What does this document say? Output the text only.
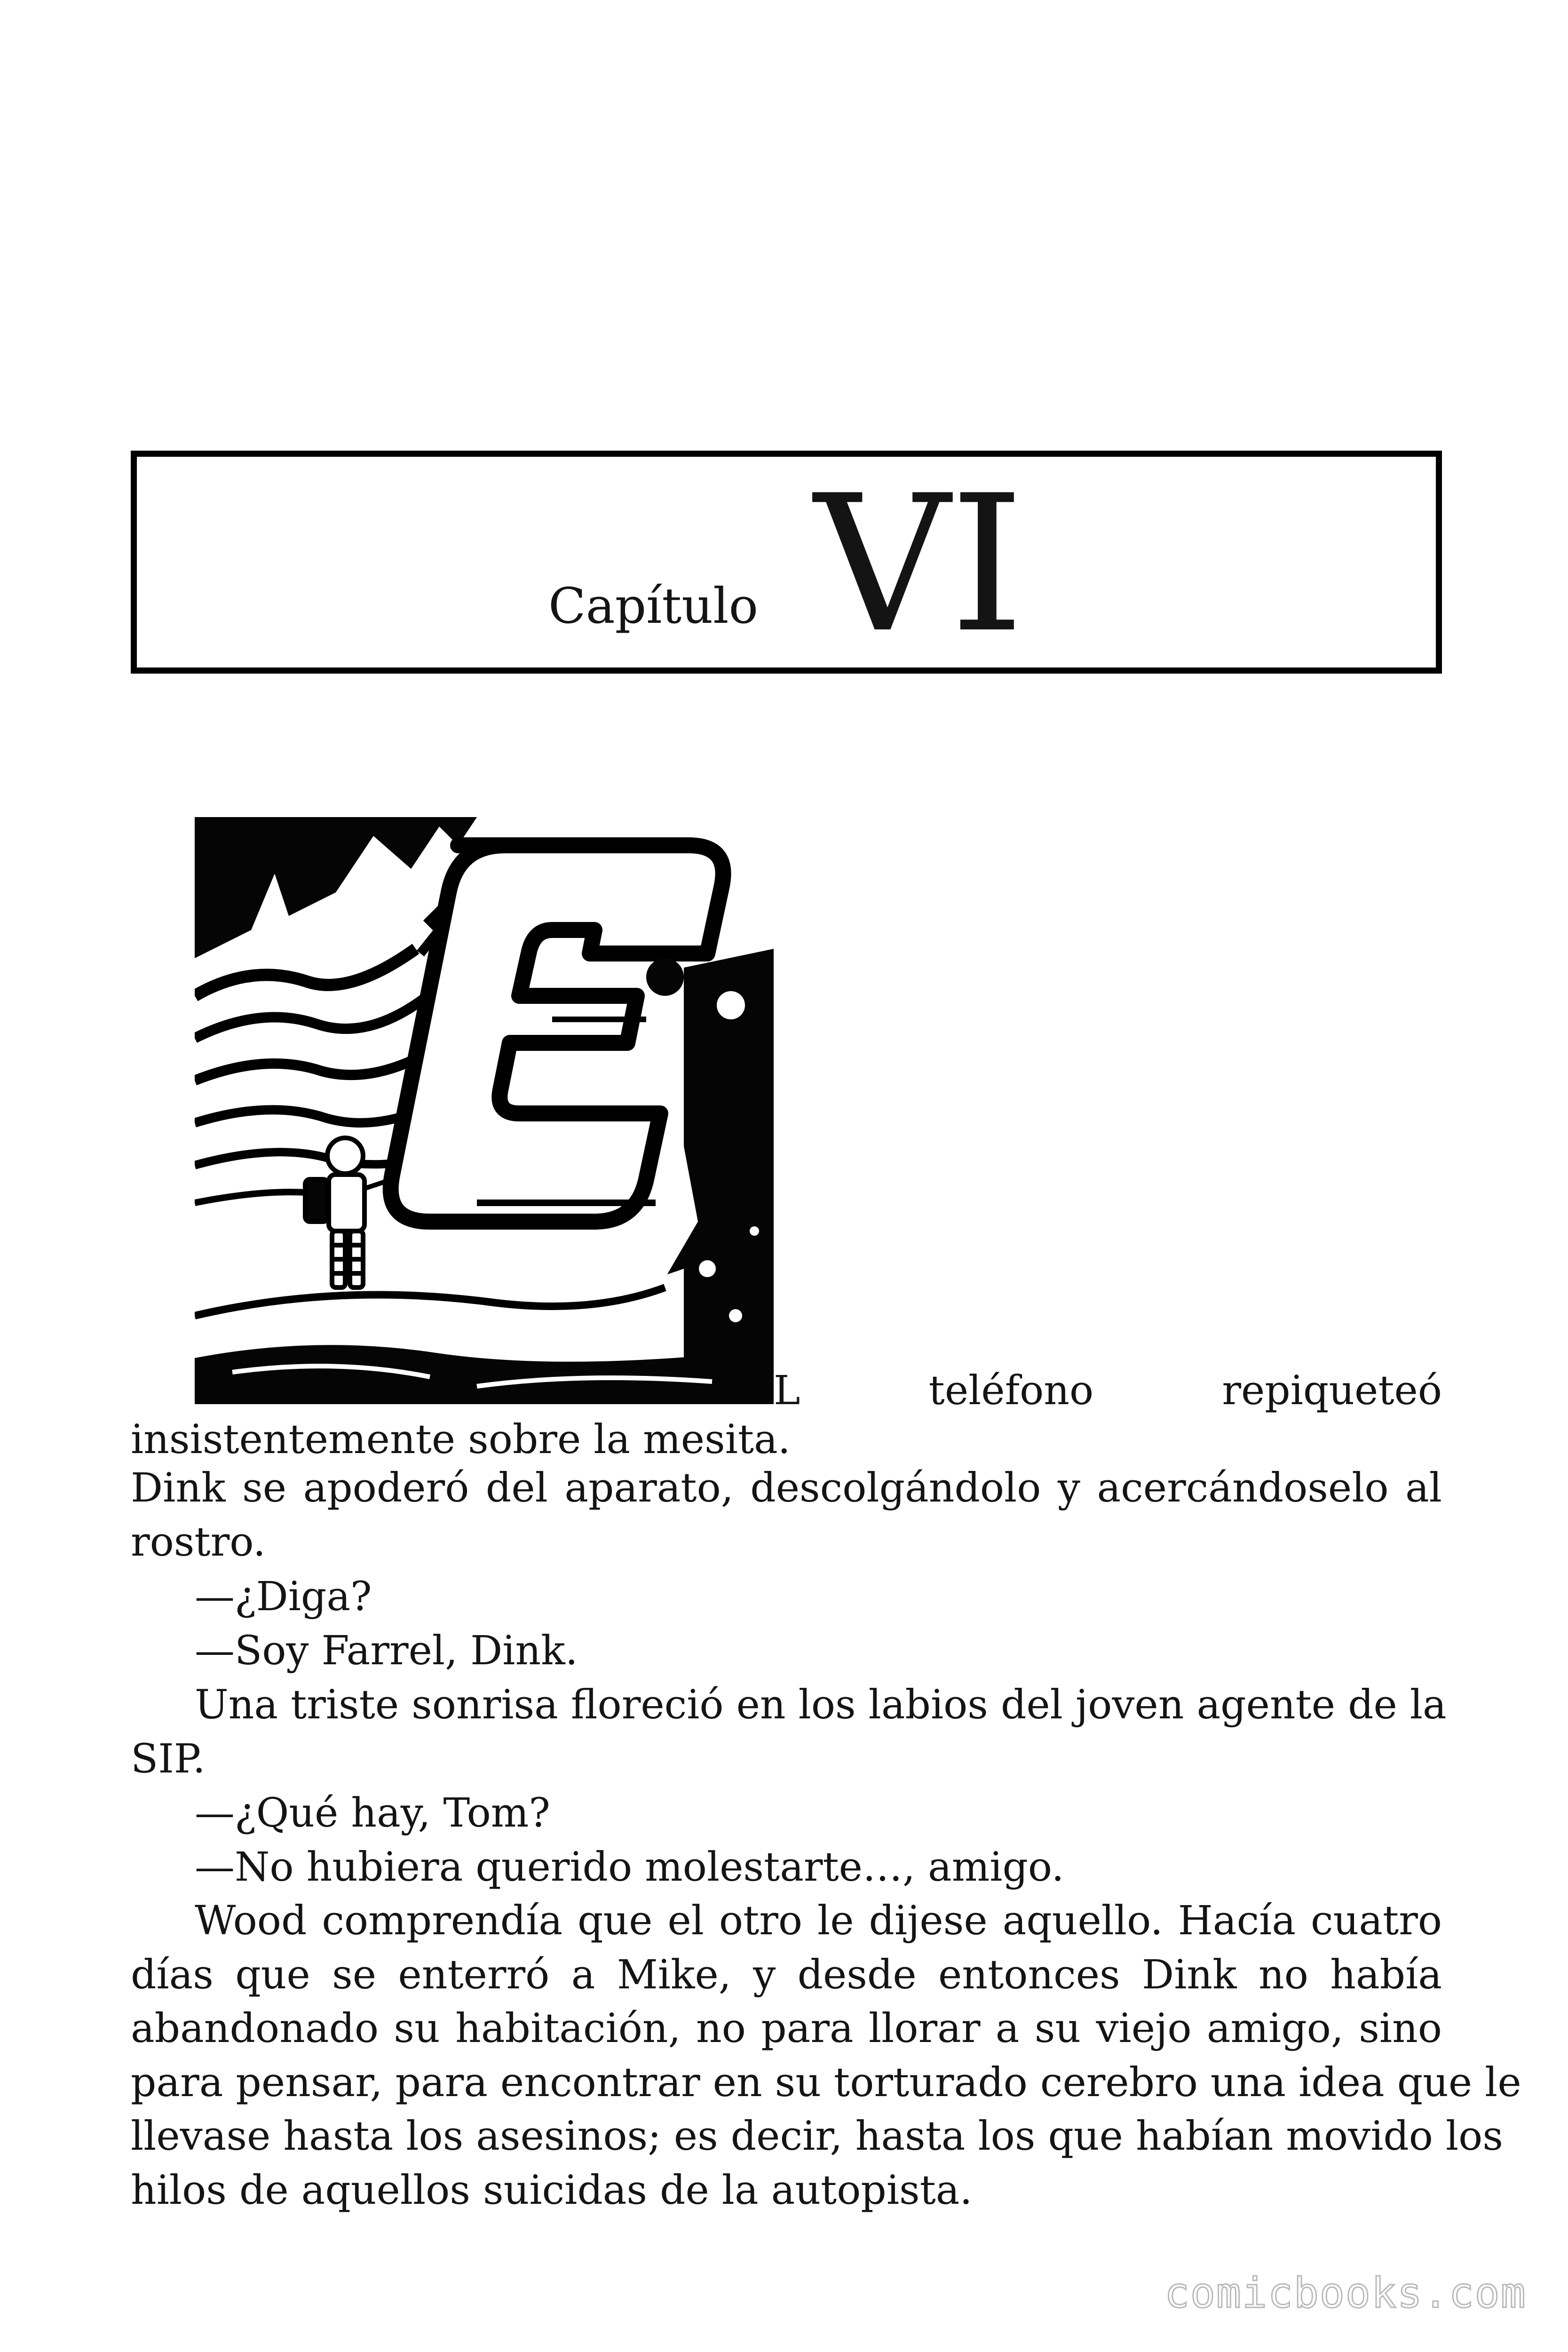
Capítulo VI
L teléfono repiqueteó
insistentemente sobre la mesita.
Dink se apoderó del aparato, descolgándolo y acercándoselo al
rostro.
—¿Diga?
—Soy Farrel, Dink.
Una triste sonrisa floreció en los labios del joven agente de la
SIP.
—¿Qué hay, Tom?
—No hubiera querido molestarte…, amigo.
Wood comprendía que el otro le dijese aquello. Hacía cuatro
días que se enterró a Mike, y desde entonces Dink no había
abandonado su habitación, no para llorar a su viejo amigo, sino
para pensar, para encontrar en su torturado cerebro una idea que le
llevase hasta los asesinos; es decir, hasta los que habían movido los
hilos de aquellos suicidas de la autopista.
comicbooks.com
